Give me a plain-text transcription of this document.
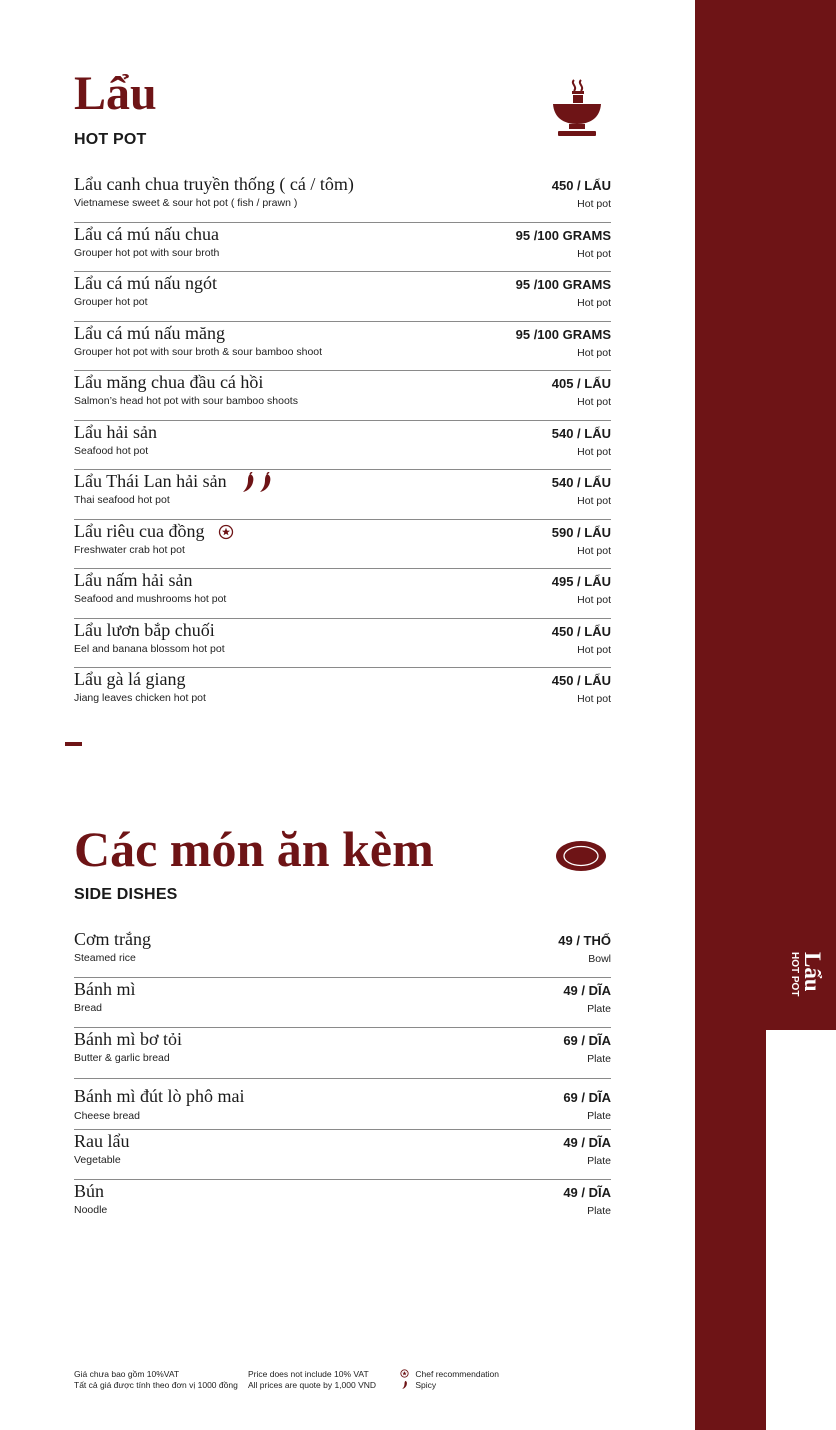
Lẩu
HOT POT
Lẩu
HOT POT
Lẩu canh chua truyền thống ( cá / tôm)
Vietnamese sweet & sour hot pot ( fish / prawn )
450 / LẨU
Hot pot
Lẩu cá mú nấu chua
Grouper hot pot with sour broth
95 /100 GRAMS
Hot pot
Lẩu cá mú nấu ngót
Grouper hot pot
95 /100 GRAMS
Hot pot
Lẩu cá mú nấu măng
Grouper hot pot with sour broth & sour bamboo shoot
95 /100 GRAMS
Hot pot
Lẩu măng chua đầu cá hồi
Salmon’s head hot pot with sour bamboo shoots
405 / LẨU
Hot pot
Lẩu hải sản
Seafood hot pot
540 / LẨU
Hot pot
Lẩu Thái Lan hải sản
Thai seafood hot pot
540 / LẨU
Hot pot
Lẩu riêu cua đồng
Freshwater crab hot pot
590 / LẨU
Hot pot
Lẩu nấm hải sản
Seafood and mushrooms hot pot
495 / LẨU
Hot pot
Lẩu lươn bắp chuối
Eel and banana blossom hot pot
450 / LẨU
Hot pot
Lẩu gà lá giang
Jiang leaves chicken hot pot
450 / LẨU
Hot pot
Các món ăn kèm
SIDE DISHES
Cơm trắng
Steamed rice
49 / THỐ
Bowl
Bánh mì
Bread
49 / DĨA
Plate
Bánh mì bơ tỏi
Butter & garlic bread
69 / DĨA
Plate
Bánh mì đút lò phô mai
Cheese bread
69 / DĨA
Plate
Rau lẩu
Vegetable
49 / DĨA
Plate
Bún
Noodle
49 / DĨA
Plate
Giá chưa bao gồm 10%VAT
Tất cả giá được tính theo đơn vị 1000 đồng
Price does not include 10% VAT
All prices are quote by 1,000 VND
Chef recommendation
Spicy
